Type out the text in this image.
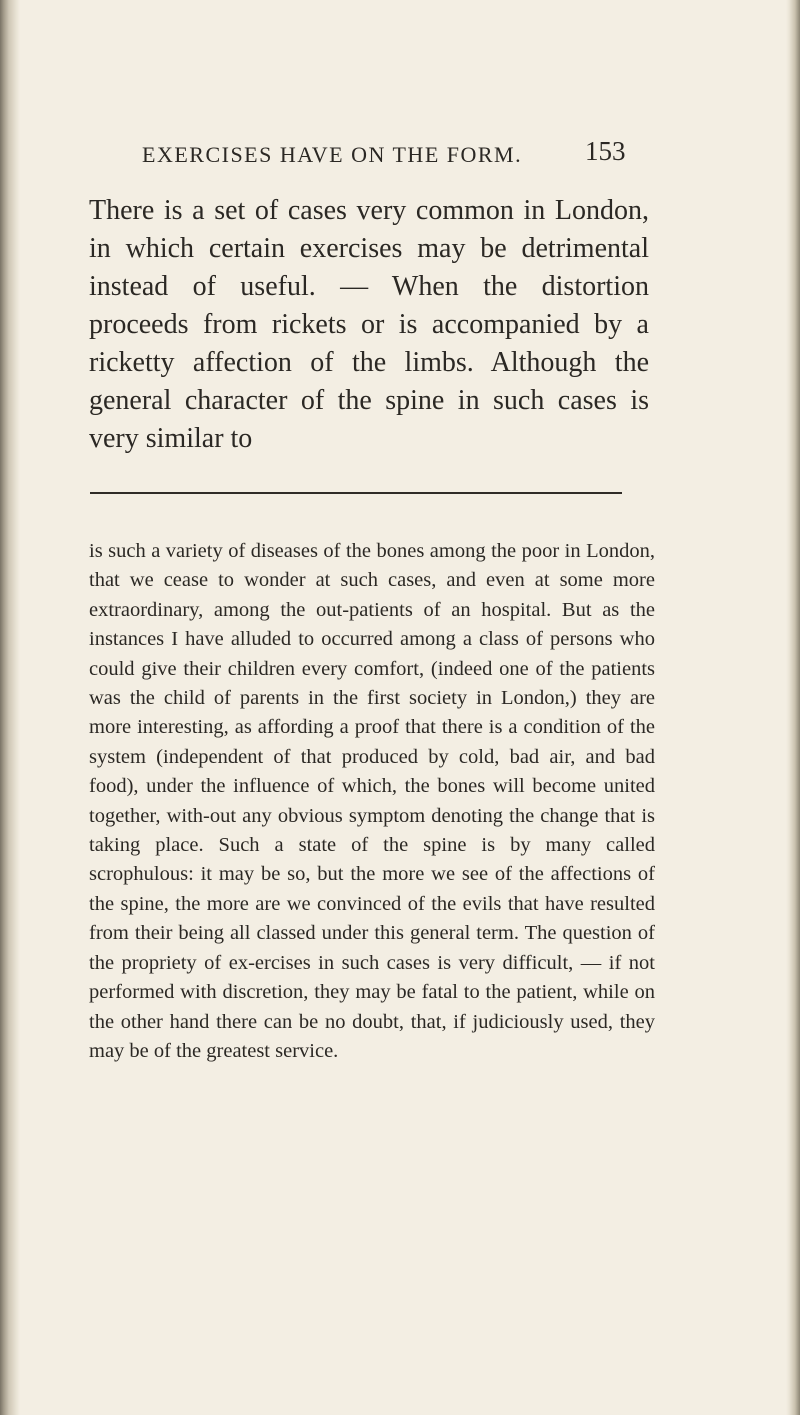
EXERCISES HAVE ON THE FORM. 153

There is a set of cases very common in London, in which certain exercises may be detrimental instead of useful. — When the distortion proceeds from rickets or is accompanied by a ricketty affection of the limbs. Although the general character of the spine in such cases is very similar to

is such a variety of diseases of the bones among the poor in London, that we cease to wonder at such cases, and even at some more extraordinary, among the out-patients of an hospital. But as the instances I have alluded to occurred among a class of persons who could give their children every comfort, (indeed one of the patients was the child of parents in the first society in London,) they are more interesting, as affording a proof that there is a condition of the system (independent of that produced by cold, bad air, and bad food), under the influence of which, the bones will become united together, with-out any obvious symptom denoting the change that is taking place. Such a state of the spine is by many called scrophulous: it may be so, but the more we see of the affections of the spine, the more are we convinced of the evils that have resulted from their being all classed under this general term. The question of the propriety of ex-ercises in such cases is very difficult, — if not performed with discretion, they may be fatal to the patient, while on the other hand there can be no doubt, that, if judiciously used, they may be of the greatest service.
